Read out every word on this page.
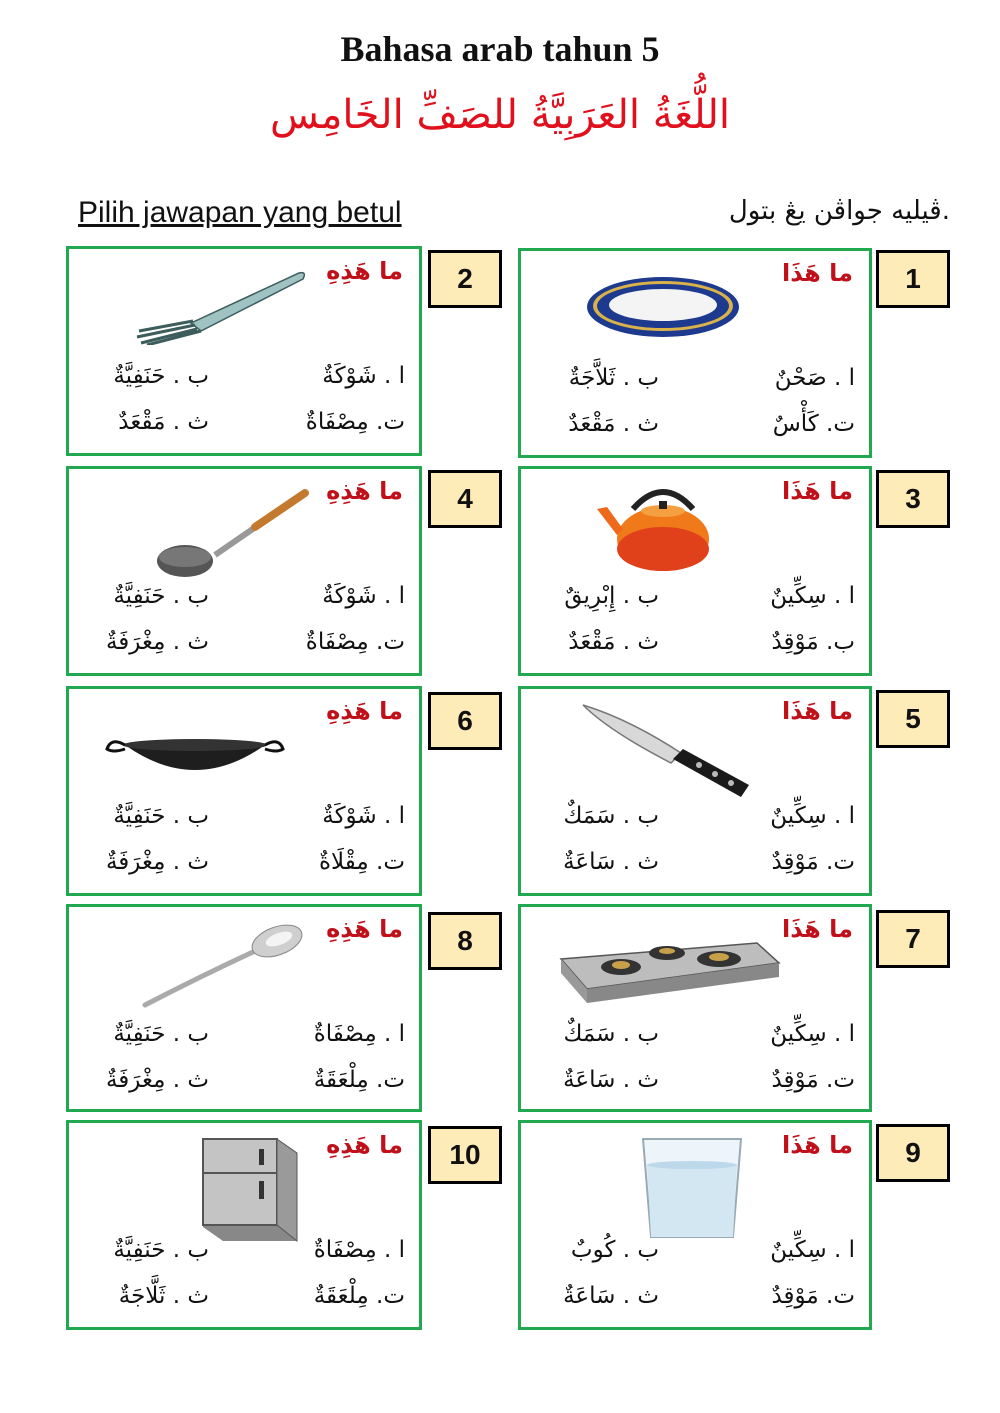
Bahasa arab tahun 5
اللُّغَةُ العَرَبِيَّةُ للصَفِّ الخَامِس
Pilih jawapan yang betul	.ڤيليه جواڤن يڠ بتول
ما هَذَا
ا . صَحْنٌ
ب . ثَلاَّجَةٌ
ت. كَأْسٌ
ث . مَقْعَدٌ
1
ما هَذِهِ
ا . شَوْكَةٌ
ب . حَنَفِيَّةٌ
ت. مِصْفَاةٌ
ث . مَقْعَدٌ
2
ما هَذَا
ا . سِكِّينٌ
ب . إِبْرِيقٌ
ب. مَوْقِدٌ
ث . مَقْعَدٌ
3
ما هَذِهِ
ا . شَوْكَةٌ
ب . حَنَفِيَّةٌ
ت. مِصْفَاةٌ
ث . مِغْرَفَةٌ
4
ما هَذَا
ا . سِكِّينٌ
ب . سَمَكٌ
ت. مَوْقِدٌ
ث . سَاعَةٌ
5
ما هَذِهِ
ا . شَوْكَةٌ
ب . حَنَفِيَّةٌ
ت. مِقْلَاةٌ
ث . مِغْرَفَةٌ
6
ما هَذَا
ا . سِكِّينٌ
ب . سَمَكٌ
ت. مَوْقِدٌ
ث . سَاعَةٌ
7
ما هَذِهِ
ا . مِصْفَاةٌ
ب . حَنَفِيَّةٌ
ت. مِلْعَقَةٌ
ث . مِغْرَفَةٌ
8
ما هَذَا
ا . سِكِّينٌ
ب . كُوبٌ
ت. مَوْقِدٌ
ث . سَاعَةٌ
9
ما هَذِهِ
ا . مِصْفَاةٌ
ب . حَنَفِيَّةٌ
ت. مِلْعَقَةٌ
ث . ثَلَّاجَةٌ
10
